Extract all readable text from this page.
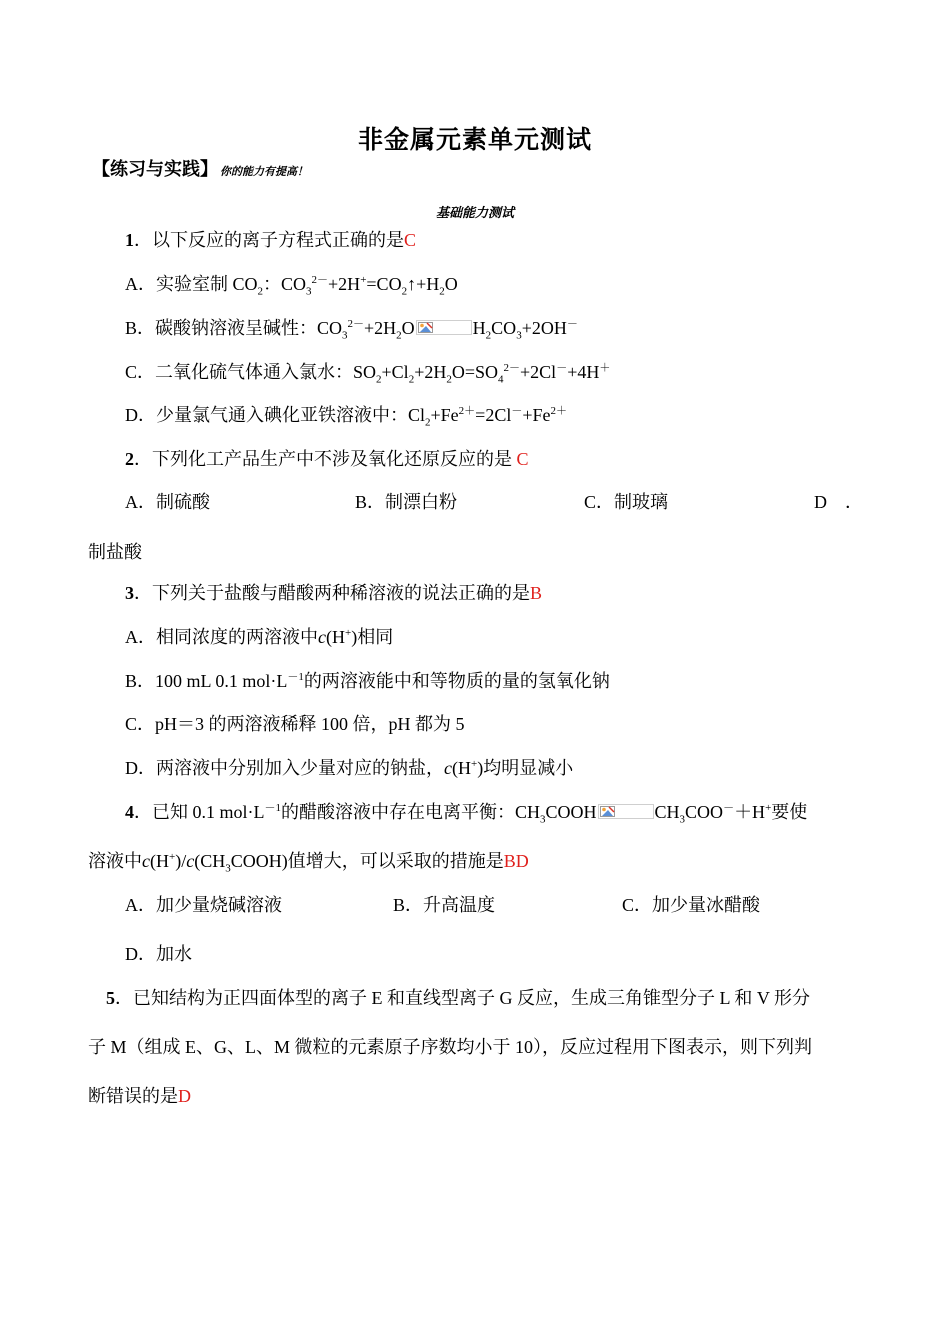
非金属元素单元测试
【练习与实践】 你的能力有提高！
基础能力测试
1．以下反应的离子方程式正确的是C
A．实验室制 $CO_2$：$CO_3^{2-}+2H^+=CO_2↑+H_2O$
B．碳酸钠溶液呈碱性：$CO_3^{2-}+2H_2O$	$H_2CO_3+2OH^-$
C．二氧化硫气体通入氯水：$SO_2+Cl_2+2H_2O=SO_4^{2-}+2Cl^-+4H^+$
D．少量氯气通入碘化亚铁溶液中：$Cl_2+Fe^{2+}=2Cl^-+Fe^{2+}$
2．下列化工产品生产中不涉及氧化还原反应的是 C
A．制硫酸	B．制漂白粉	C．制玻璃	D　．
制盐酸
3．下列关于盐酸与醋酸两种稀溶液的说法正确的是B
A．相同浓度的两溶液中c(H+)相同
B．100 mL 0.1 $mol\cdot L^{-1}$的两溶液能中和等物质的量的氢氧化钠
C．pH＝3 的两溶液稀释 100 倍，pH 都为 5
D．两溶液中分别加入少量对应的钠盐，c(H+)均明显减小
4．已知 0.1 $mol\cdot L^{-1}$的醋酸溶液中存在电离平衡：$CH_3COOH$	$CH_3COO^-+H^+$要使
溶液中$c(H^+)/c(CH_3COOH)$值增大，可以采取的措施是BD
A．加少量烧碱溶液	B．升高温度	C．加少量冰醋酸
D．加水
5．已知结构为正四面体型的离子 E 和直线型离子 G 反应，生成三角锥型分子 L 和 V 形分
子 M（组成 E、G、L、M 微粒的元素原子序数均小于 10），反应过程用下图表示，则下列判
断错误的是D
